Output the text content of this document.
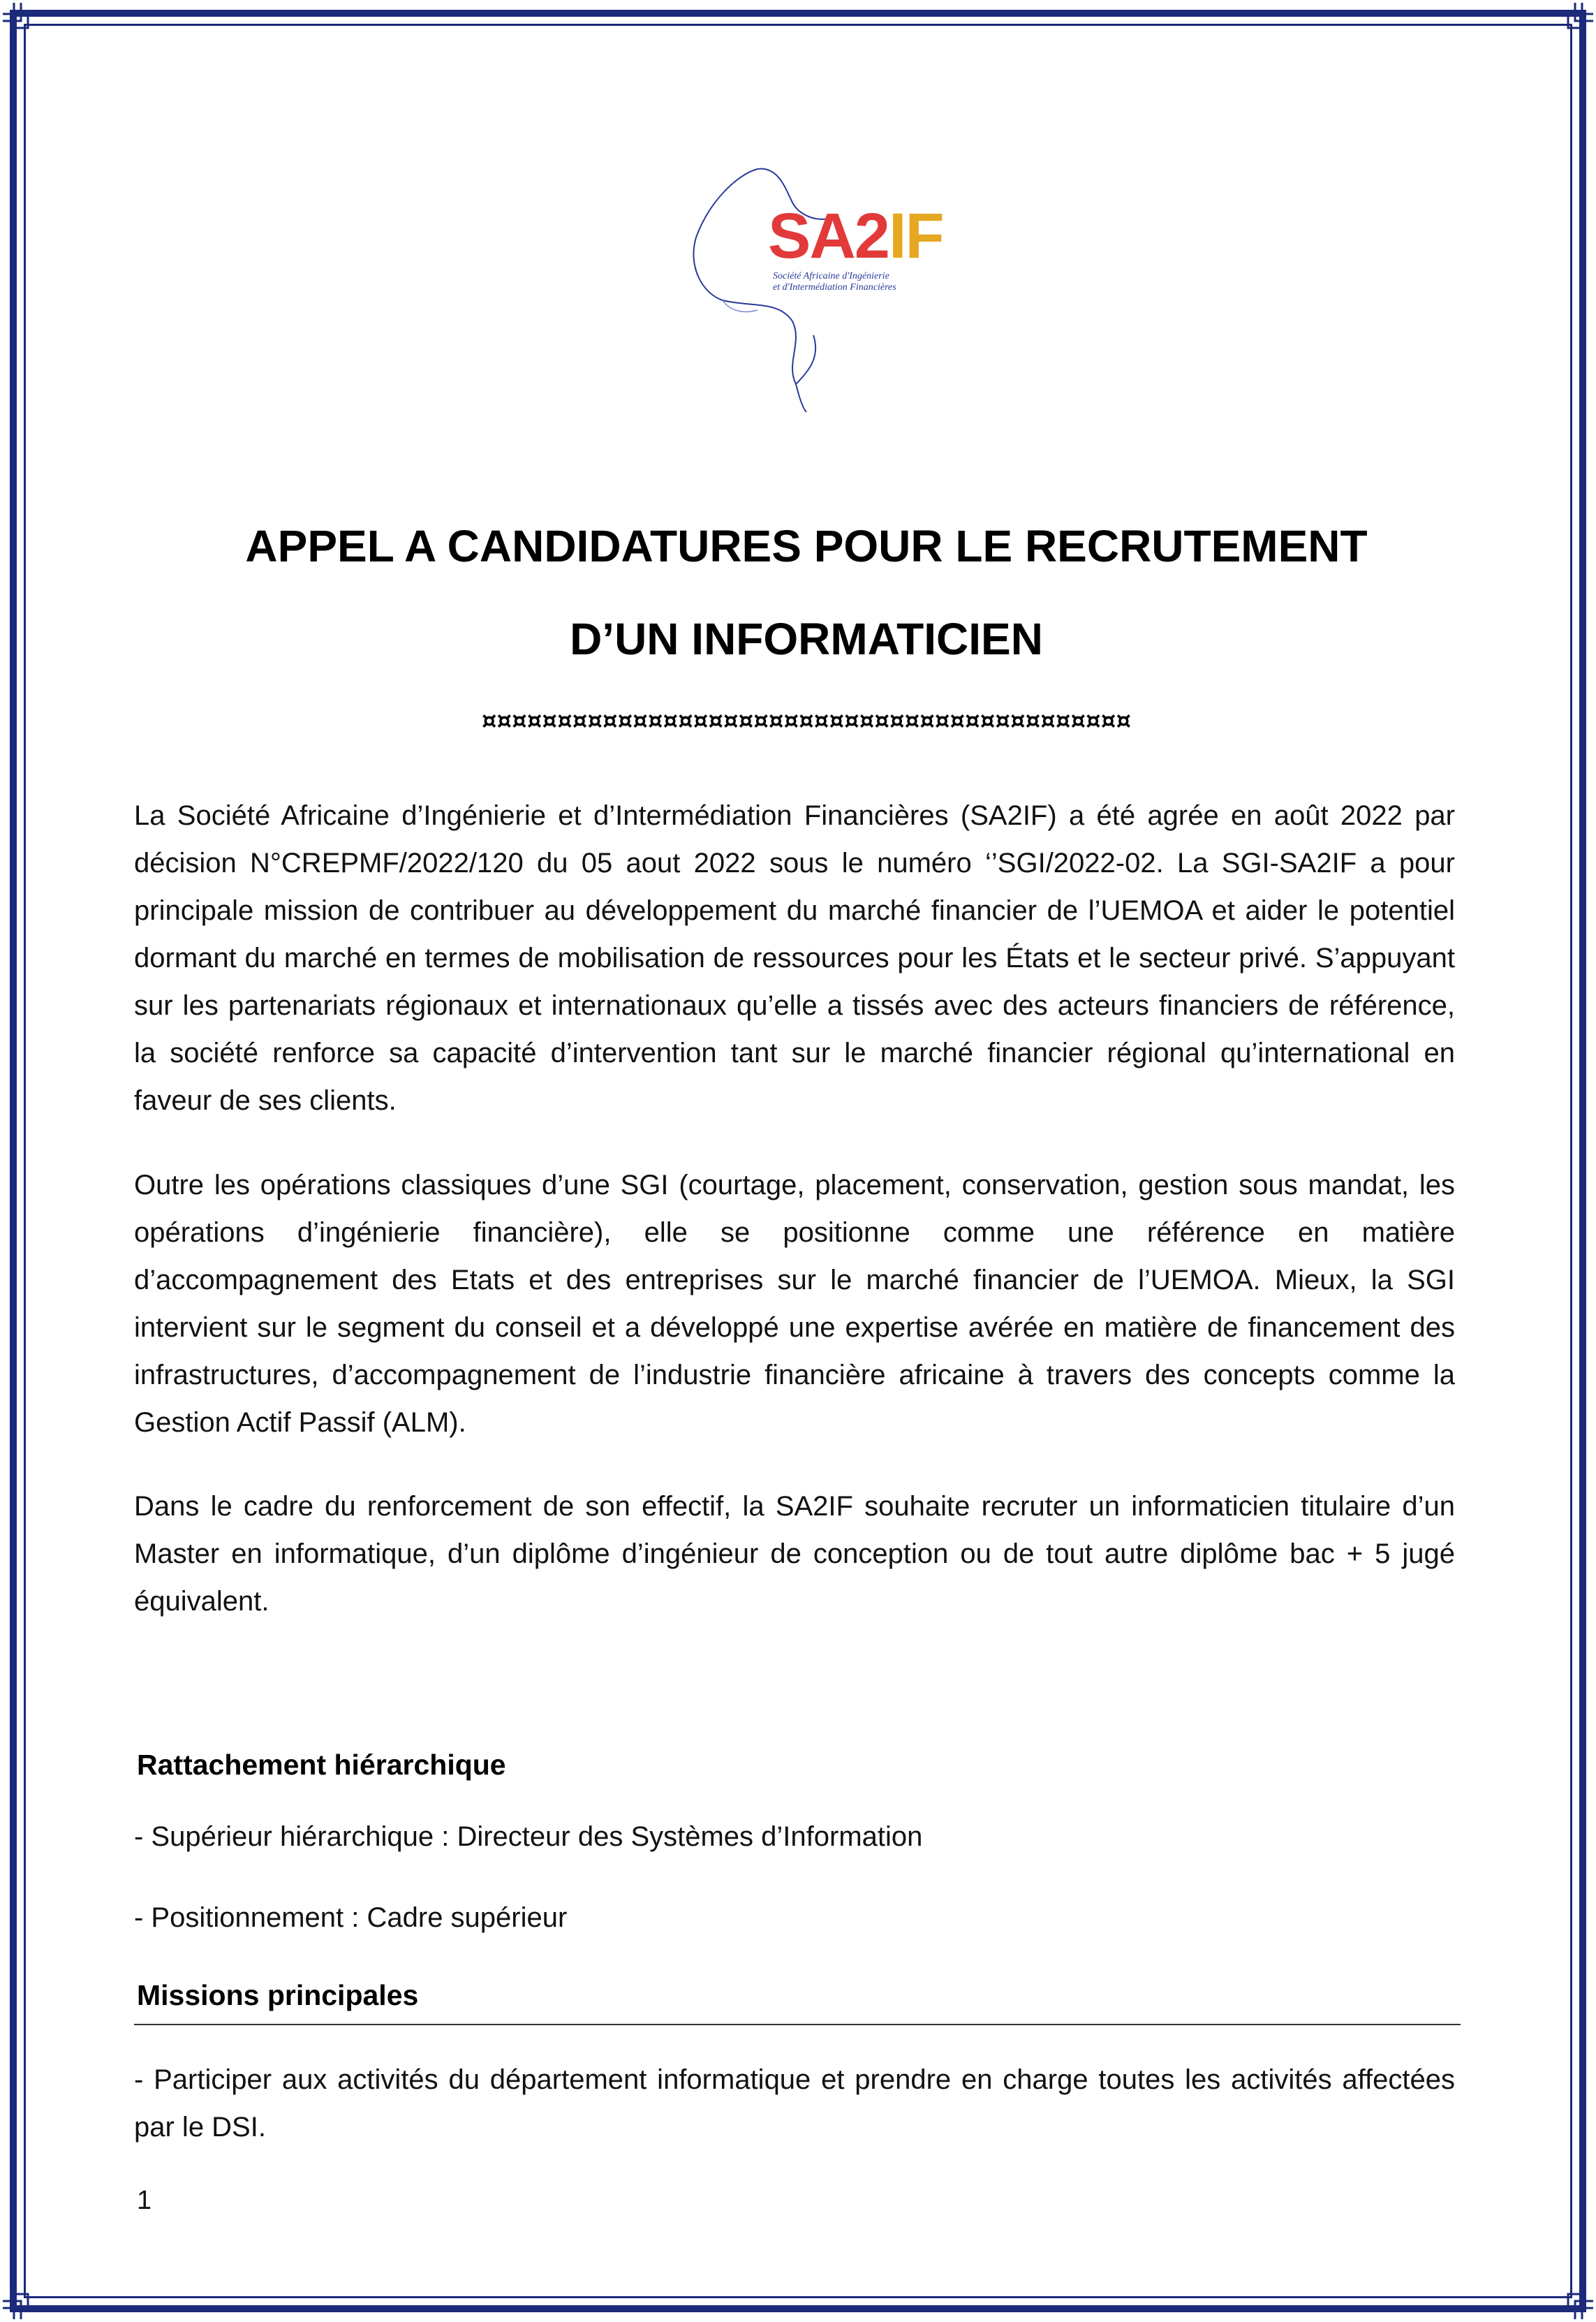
SA2IF
Société Africaine d'Ingénierie
et d'Intermédiation Financières
APPEL A CANDIDATURES POUR LE RECRUTEMENT
D’UN INFORMATICIEN
¤¤¤¤¤¤¤¤¤¤¤¤¤¤¤¤¤¤¤¤¤¤¤¤¤¤¤¤¤¤¤¤¤¤¤¤¤¤¤¤¤¤¤

La Société Africaine d’Ingénierie et d’Intermédiation Financières (SA2IF) a été agrée en août 2022 par décision N°CREPMF/2022/120 du 05 aout 2022 sous le numéro ‘’SGI/2022-02. La SGI-SA2IF a pour principale mission de contribuer au développement du marché financier de l’UEMOA et aider le potentiel dormant du marché en termes de mobilisation de ressources pour les États et le secteur privé. S’appuyant sur les partenariats régionaux et internationaux qu’elle a tissés avec des acteurs financiers de référence, la société renforce sa capacité d’intervention tant sur le marché financier régional qu’international en faveur de ses clients.

Outre les opérations classiques d’une SGI (courtage, placement, conservation, gestion sous mandat, les opérations d’ingénierie financière), elle se positionne comme une référence en matière d’accompagnement des Etats et des entreprises sur le marché financier de l’UEMOA. Mieux, la SGI intervient sur le segment du conseil et a développé une expertise avérée en matière de financement des infrastructures, d’accompagnement de l’industrie financière africaine à travers des concepts comme la Gestion Actif Passif (ALM).

Dans le cadre du renforcement de son effectif, la SA2IF souhaite recruter un informaticien titulaire d’un Master en informatique, d’un diplôme d’ingénieur de conception ou de tout autre diplôme bac + 5 jugé équivalent.

Rattachement hiérarchique

- Supérieur hiérarchique : Directeur des Systèmes d’Information

- Positionnement : Cadre supérieur

Missions principales

- Participer aux activités du département informatique et prendre en charge toutes les activités affectées par le DSI.

1
